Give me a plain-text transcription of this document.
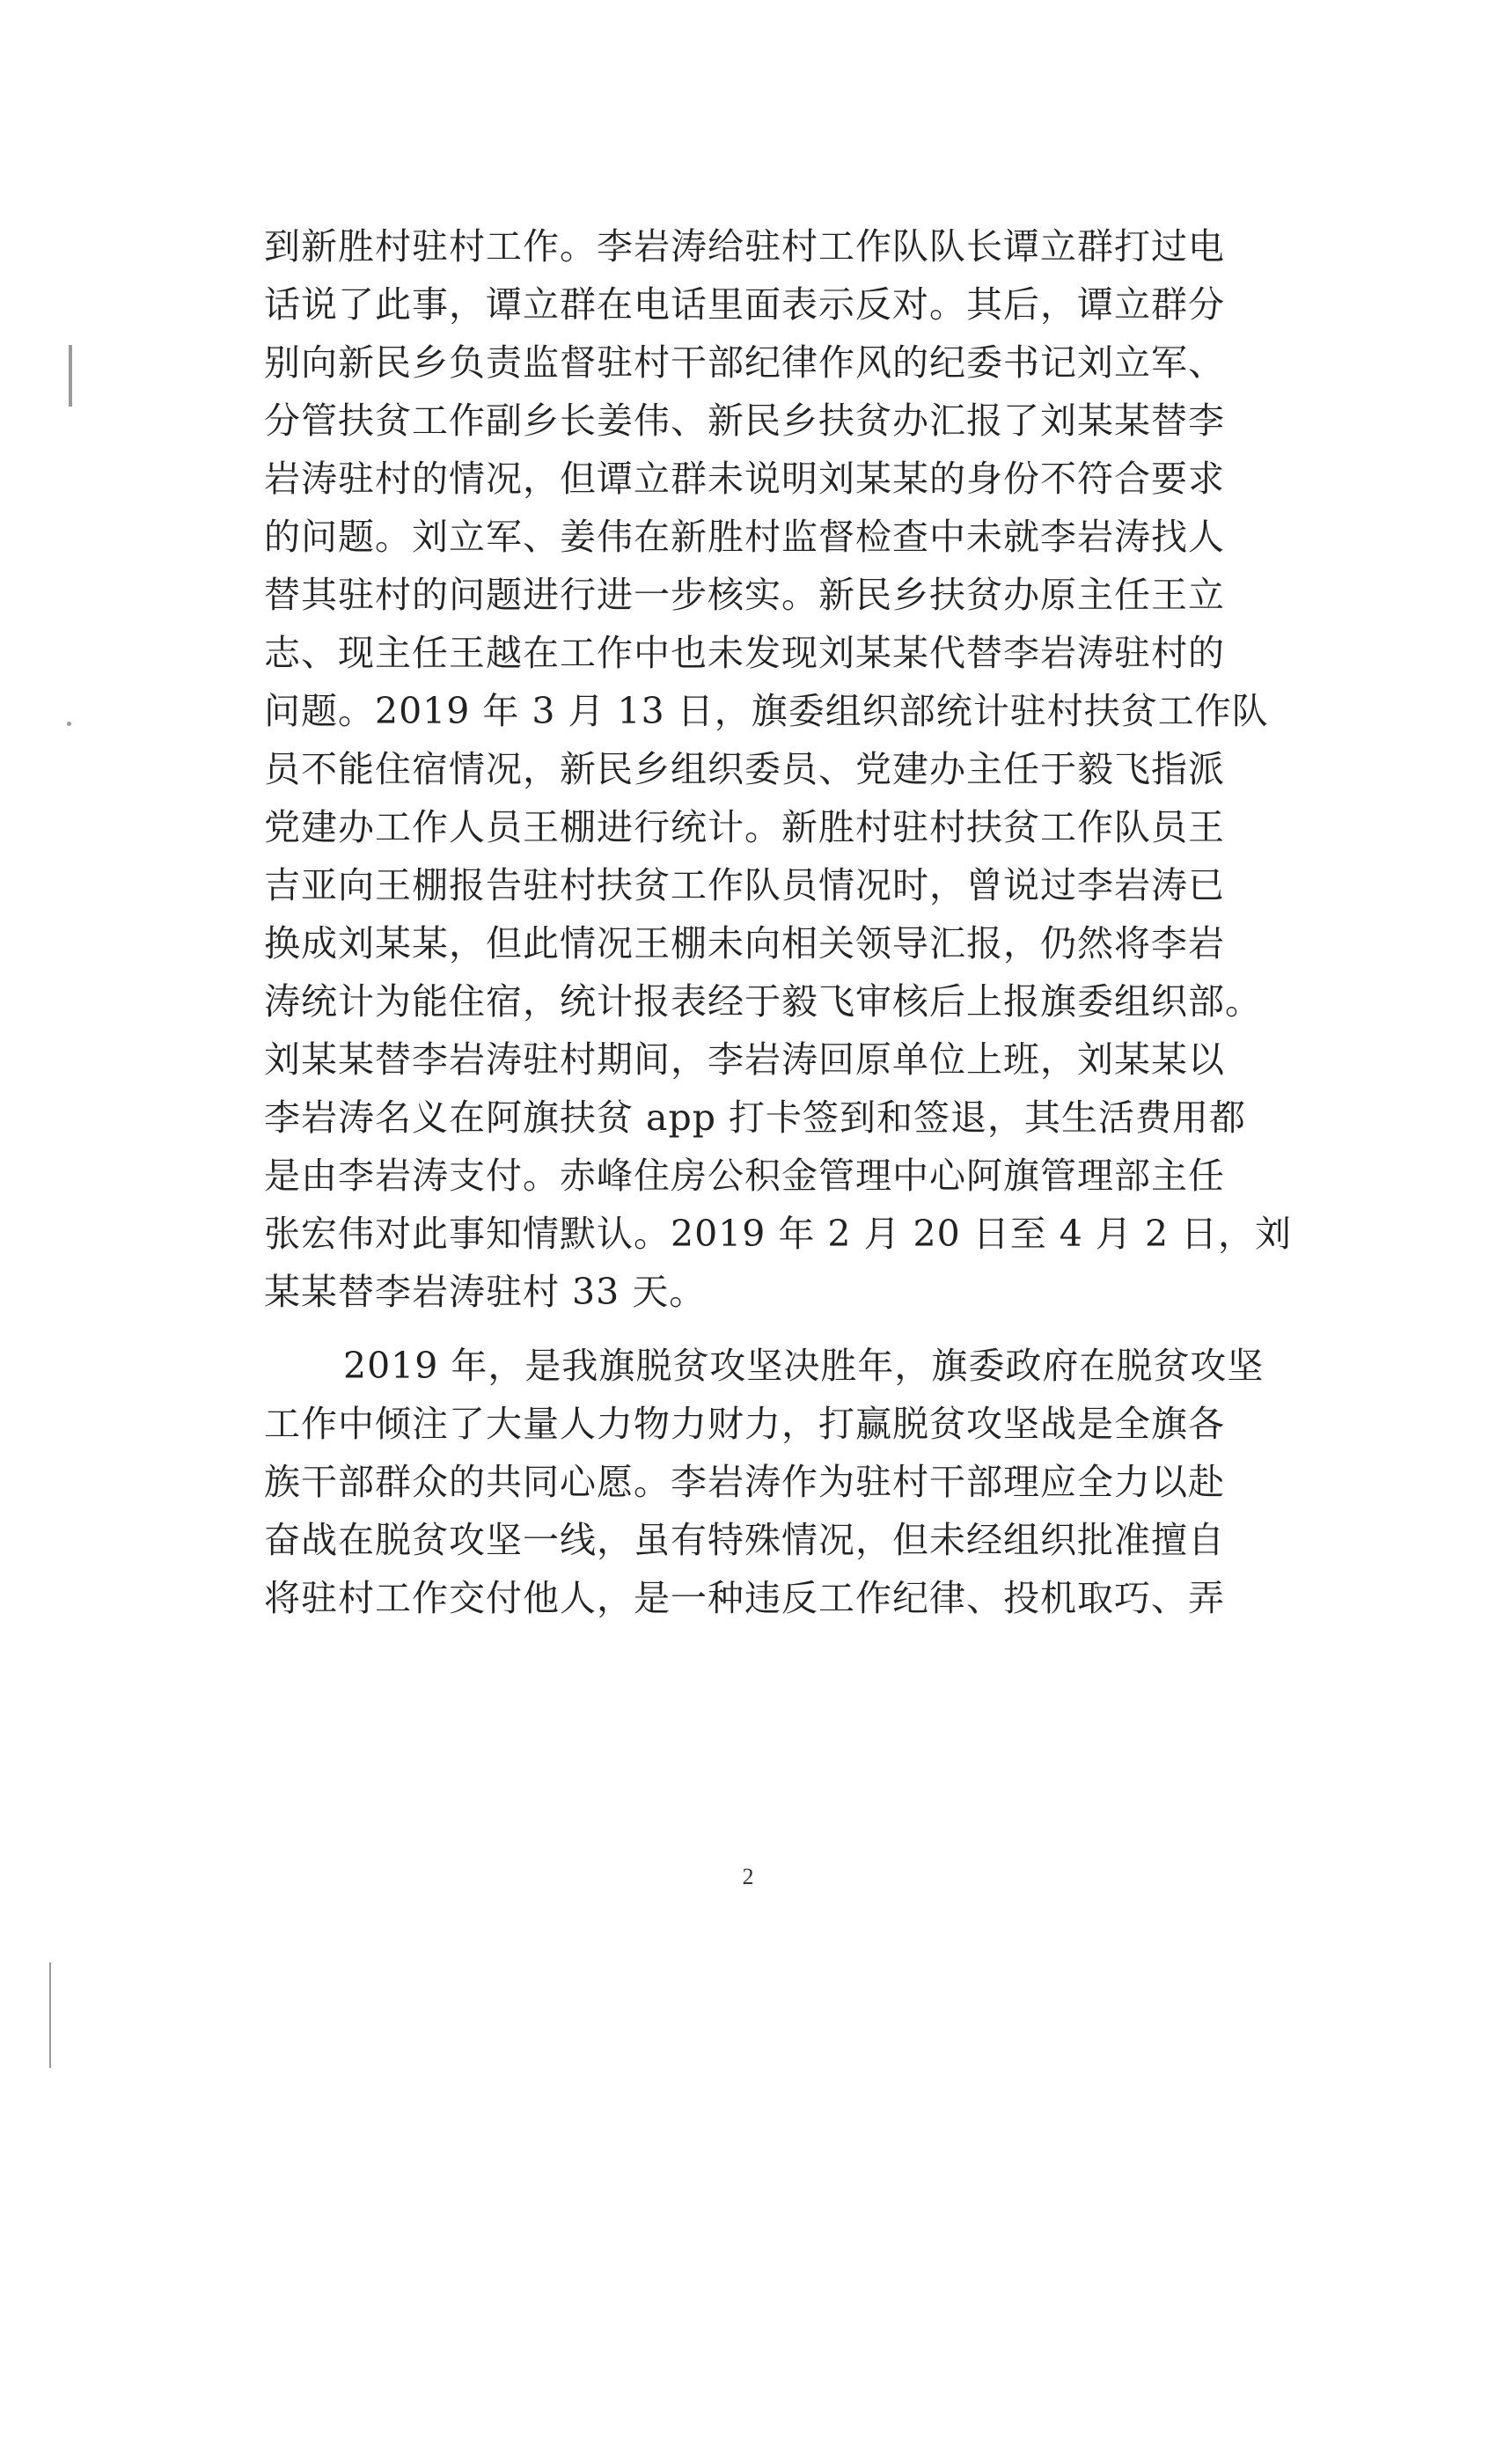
到新胜村驻村工作。李岩涛给驻村工作队队长谭立群打过电
话说了此事，谭立群在电话里面表示反对。其后，谭立群分
别向新民乡负责监督驻村干部纪律作风的纪委书记刘立军、
分管扶贫工作副乡长姜伟、新民乡扶贫办汇报了刘某某替李
岩涛驻村的情况，但谭立群未说明刘某某的身份不符合要求
的问题。刘立军、姜伟在新胜村监督检查中未就李岩涛找人
替其驻村的问题进行进一步核实。新民乡扶贫办原主任王立
志、现主任王越在工作中也未发现刘某某代替李岩涛驻村的
问题。2019 年 3 月 13 日，旗委组织部统计驻村扶贫工作队
员不能住宿情况，新民乡组织委员、党建办主任于毅飞指派
党建办工作人员王棚进行统计。新胜村驻村扶贫工作队员王
吉亚向王棚报告驻村扶贫工作队员情况时，曾说过李岩涛已
换成刘某某，但此情况王棚未向相关领导汇报，仍然将李岩
涛统计为能住宿，统计报表经于毅飞审核后上报旗委组织部。
刘某某替李岩涛驻村期间，李岩涛回原单位上班，刘某某以
李岩涛名义在阿旗扶贫 app 打卡签到和签退，其生活费用都
是由李岩涛支付。赤峰住房公积金管理中心阿旗管理部主任
张宏伟对此事知情默认。2019 年 2 月 20 日至 4 月 2 日，刘
某某替李岩涛驻村 33 天。
2019 年，是我旗脱贫攻坚决胜年，旗委政府在脱贫攻坚
工作中倾注了大量人力物力财力，打赢脱贫攻坚战是全旗各
族干部群众的共同心愿。李岩涛作为驻村干部理应全力以赴
奋战在脱贫攻坚一线，虽有特殊情况，但未经组织批准擅自
将驻村工作交付他人，是一种违反工作纪律、投机取巧、弄
2
